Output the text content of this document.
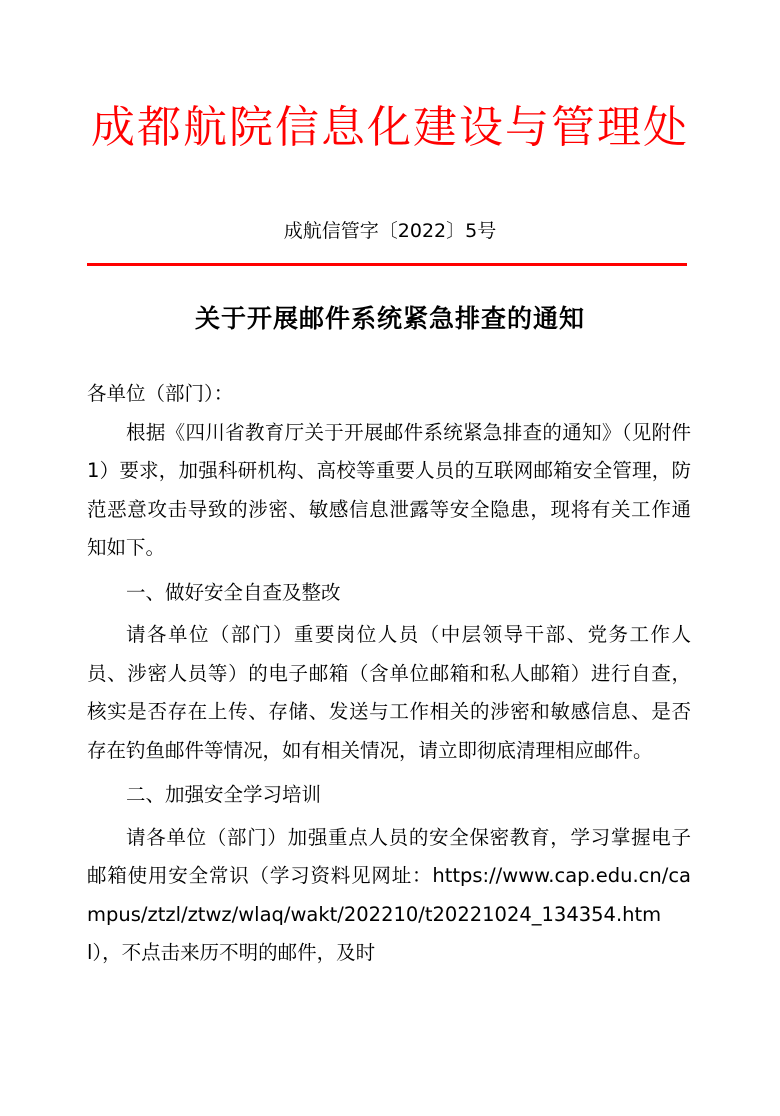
成都航院信息化建设与管理处
成航信管字〔2022〕5号
关于开展邮件系统紧急排查的通知

各单位（部门）：

根据《四川省教育厅关于开展邮件系统紧急排查的通知》（见附件1）要求，加强科研机构、高校等重要人员的互联网邮箱安全管理，防范恶意攻击导致的涉密、敏感信息泄露等安全隐患，现将有关工作通知如下。

一、做好安全自查及整改

请各单位（部门）重要岗位人员（中层领导干部、党务工作人员、涉密人员等）的电子邮箱（含单位邮箱和私人邮箱）进行自查，核实是否存在上传、存储、发送与工作相关的涉密和敏感信息、是否存在钓鱼邮件等情况，如有相关情况，请立即彻底清理相应邮件。

二、加强安全学习培训

请各单位（部门）加强重点人员的安全保密教育，学习掌握电子邮箱使用安全常识（学习资料见网址：https://www.cap.edu.cn/campus/ztzl/ztwz/wlaq/wakt/202210/t20221024_134354.html），不点击来历不明的邮件，及时
